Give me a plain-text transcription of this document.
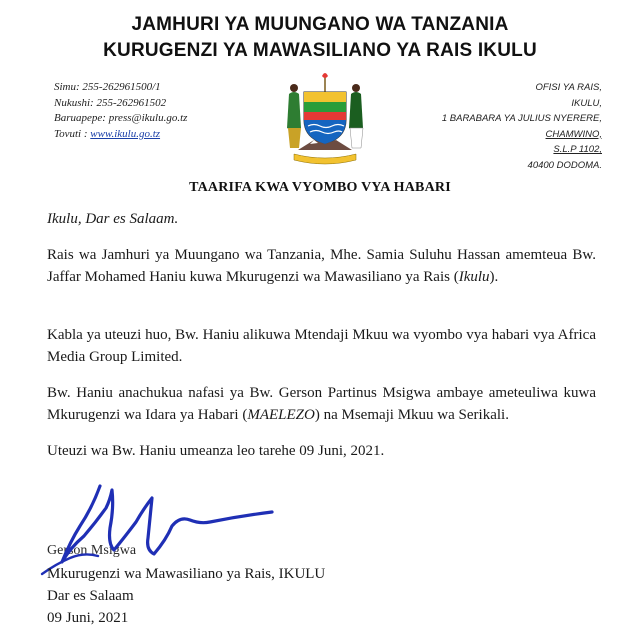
JAMHURI YA MUUNGANO WA TANZANIA
KURUGENZI YA MAWASILIANO YA RAIS IKULU
Simu: 255-262961500/1
Nukushi: 255-262961502
Baruapepe: press@ikulu.go.tz
Tovuti : www.ikulu.go.tz
OFISI YA RAIS,
IKULU,
1 BARABARA YA JULIUS NYERERE,
CHAMWINO,
S.L.P 1102,
40400 DODOMA.
TAARIFA KWA VYOMBO VYA HABARI
Ikulu, Dar es Salaam.
Rais wa Jamhuri ya Muungano wa Tanzania, Mhe. Samia Suluhu Hassan amemteua Bw. Jaffar Mohamed Haniu kuwa Mkurugenzi wa Mawasiliano ya Rais (Ikulu).
Kabla ya uteuzi huo, Bw. Haniu alikuwa Mtendaji Mkuu wa vyombo vya habari vya Africa Media Group Limited.
Bw. Haniu anachukua nafasi ya Bw. Gerson Partinus Msigwa ambaye ameteuliwa kuwa Mkurugenzi wa Idara ya Habari (MAELEZO) na Msemaji Mkuu wa Serikali.
Uteuzi wa Bw. Haniu umeanza leo tarehe 09 Juni, 2021.
Gerson Msigwa
Mkurugenzi wa Mawasiliano ya Rais, IKULU
Dar es Salaam
09 Juni, 2021
